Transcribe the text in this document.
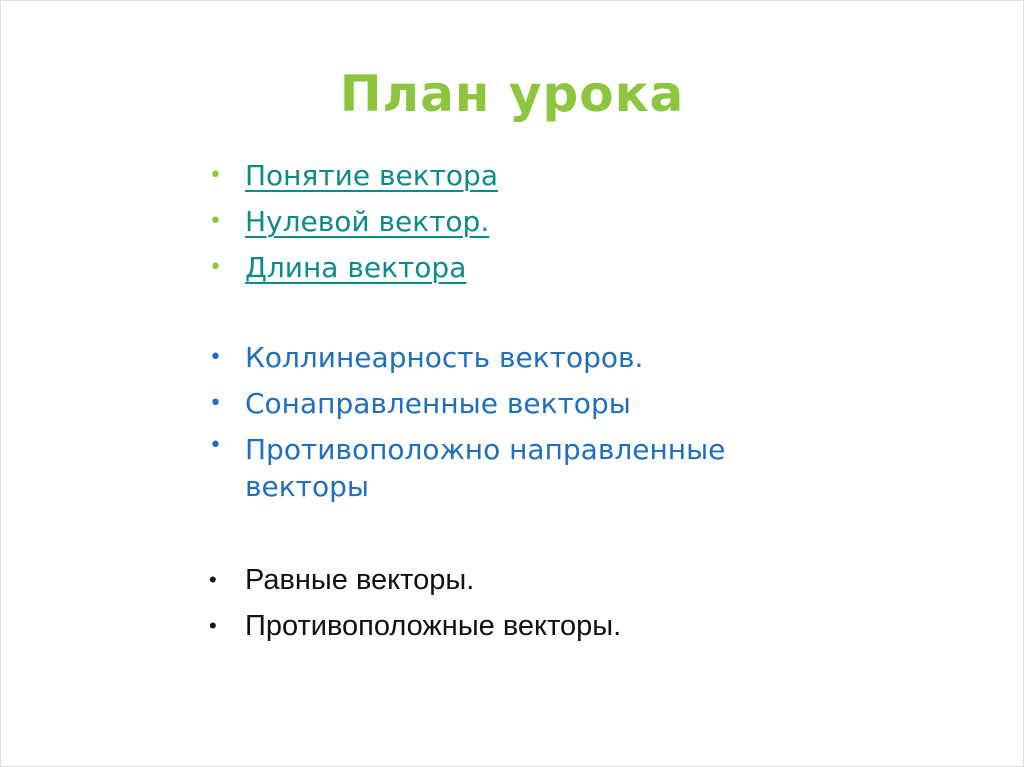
План урока
• Понятие вектора
• Нулевой вектор.
• Длина вектора
• Коллинеарность векторов.
• Сонаправленные векторы
• Противоположно направленные векторы
• Равные векторы.
• Противоположные векторы.
